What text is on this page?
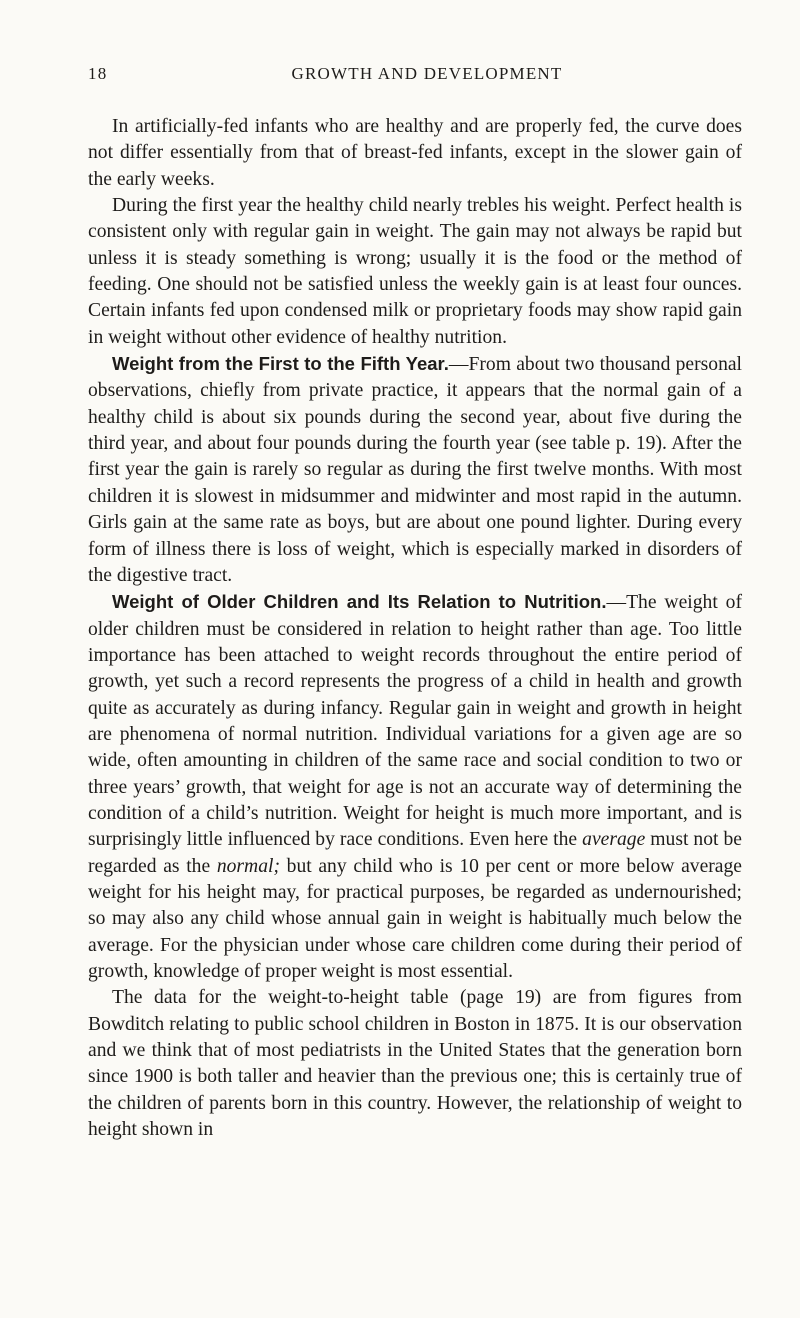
18	GROWTH AND DEVELOPMENT

In artificially-fed infants who are healthy and are properly fed, the curve does not differ essentially from that of breast-fed infants, except in the slower gain of the early weeks.

During the first year the healthy child nearly trebles his weight. Perfect health is consistent only with regular gain in weight. The gain may not always be rapid but unless it is steady something is wrong; usually it is the food or the method of feeding. One should not be satisfied unless the weekly gain is at least four ounces. Certain infants fed upon condensed milk or proprietary foods may show rapid gain in weight without other evidence of healthy nutrition.

Weight from the First to the Fifth Year.—From about two thousand personal observations, chiefly from private practice, it appears that the normal gain of a healthy child is about six pounds during the second year, about five during the third year, and about four pounds during the fourth year (see table p. 19). After the first year the gain is rarely so regular as during the first twelve months. With most children it is slowest in midsummer and midwinter and most rapid in the autumn. Girls gain at the same rate as boys, but are about one pound lighter. During every form of illness there is loss of weight, which is especially marked in disorders of the digestive tract.

Weight of Older Children and Its Relation to Nutrition.—The weight of older children must be considered in relation to height rather than age. Too little importance has been attached to weight records throughout the entire period of growth, yet such a record represents the progress of a child in health and growth quite as accurately as during infancy. Regular gain in weight and growth in height are phenomena of normal nutrition. Individual variations for a given age are so wide, often amounting in children of the same race and social condition to two or three years’ growth, that weight for age is not an accurate way of determining the condition of a child’s nutrition. Weight for height is much more important, and is surprisingly little influenced by race conditions. Even here the average must not be regarded as the normal; but any child who is 10 per cent or more below average weight for his height may, for practical purposes, be regarded as undernourished; so may also any child whose annual gain in weight is habitually much below the average. For the physician under whose care children come during their period of growth, knowledge of proper weight is most essential.

The data for the weight-to-height table (page 19) are from figures from Bowditch relating to public school children in Boston in 1875. It is our observation and we think that of most pediatrists in the United States that the generation born since 1900 is both taller and heavier than the previous one; this is certainly true of the children of parents born in this country. However, the relationship of weight to height shown in
